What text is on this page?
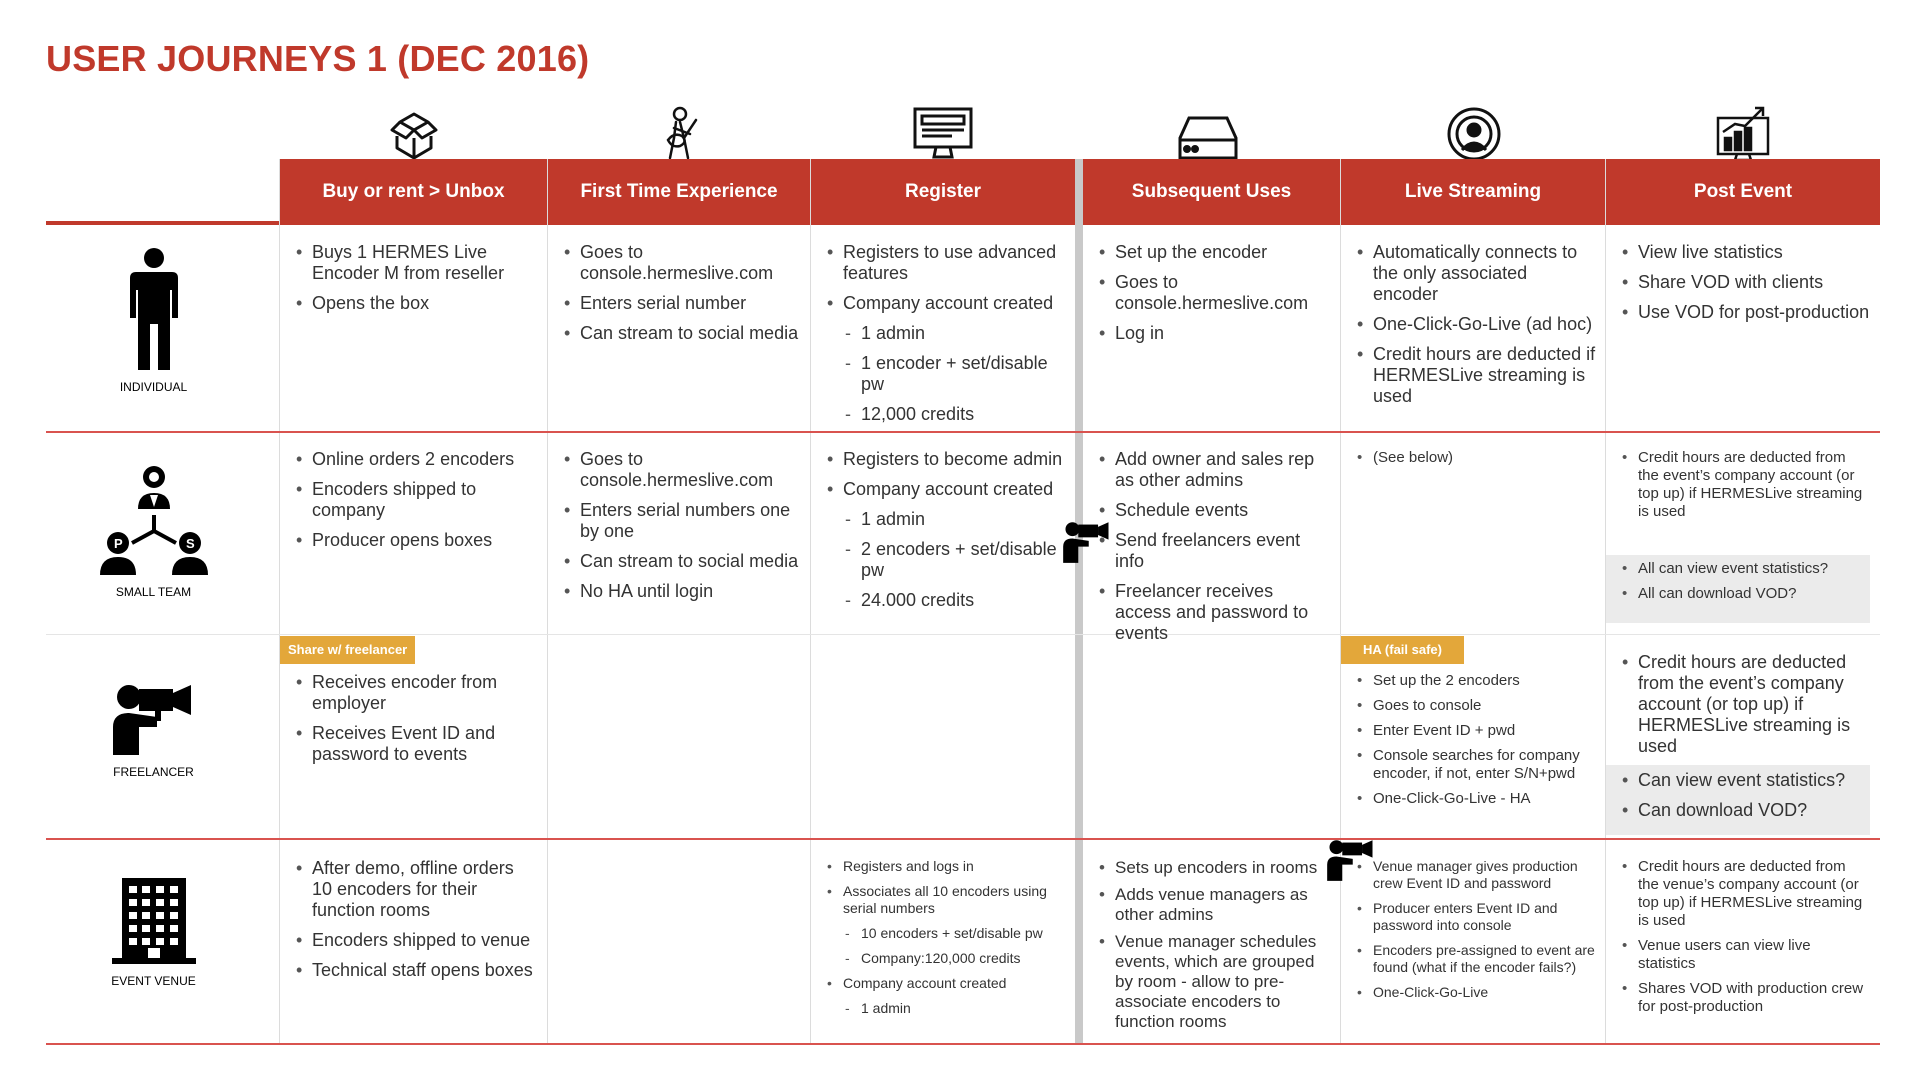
USER JOURNEYS 1 (DEC 2016)
Buy or rent > Unbox	First Time Experience	Register	Subsequent Uses	Live Streaming	Post Event
INDIVIDUAL
P	S
SMALL TEAM
FREELANCER
EVENT VENUE
• Buys 1 HERMES Live Encoder M from reseller
• Opens the box
• Goes to console.hermeslive.com
• Enters serial number
• Can stream to social media
• Registers to use advanced features
• Company account created
- 1 admin
- 1 encoder + set/disable pw
- 12,000 credits
• Set up the encoder
• Goes to console.hermeslive.com
• Log in
• Automatically connects to the only associated encoder
• One-Click-Go-Live (ad hoc)
• Credit hours are deducted if HERMESLive streaming is used
• View live statistics
• Share VOD with clients
• Use VOD for post-production
• Online orders 2 encoders
• Encoders shipped to company
• Producer opens boxes
• Goes to console.hermeslive.com
• Enters serial numbers one by one
• Can stream to social media
• No HA until login
• Registers to become admin
• Company account created
- 1 admin
- 2 encoders + set/disable pw
- 24.000 credits
• Add owner and sales rep as other admins
• Schedule events
• Send freelancers event info
• Freelancer receives access and password to events
• (See below)
•	Credit hours are deducted from the event’s company account (or top up) if HERMESLive streaming is used
• All can view event statistics?
• All can download VOD?
Share w/ freelancer
• Receives encoder from employer
• Receives Event ID and password to events
HA (fail safe)
• Set up the 2 encoders
• Goes to console
• Enter Event ID + pwd
• Console searches for company encoder, if not, enter S/N+pwd
• One-Click-Go-Live - HA
• Credit hours are deducted from the event’s company account (or top up) if HERMESLive streaming is used
• Can view event statistics?
• Can download VOD?
• After demo, offline orders 10 encoders for their function rooms
• Encoders shipped to venue
• Technical staff opens boxes
• Registers and logs in
• Associates all 10 encoders using serial numbers
- 10 encoders + set/disable pw
- Company:120,000 credits
• Company account created
- 1 admin
• Sets up encoders in rooms
• Adds venue managers as other admins
• Venue manager schedules events, which are grouped by room - allow to pre-associate encoders to function rooms
• Venue manager gives production crew Event ID and password
• Producer enters Event ID and password into console
• Encoders pre-assigned to event are found (what if the encoder fails?)
• One-Click-Go-Live
• Credit hours are deducted from the venue’s company account (or top up) if HERMESLive streaming is used
• Venue users can view live statistics
• Shares VOD with production crew for post-production
